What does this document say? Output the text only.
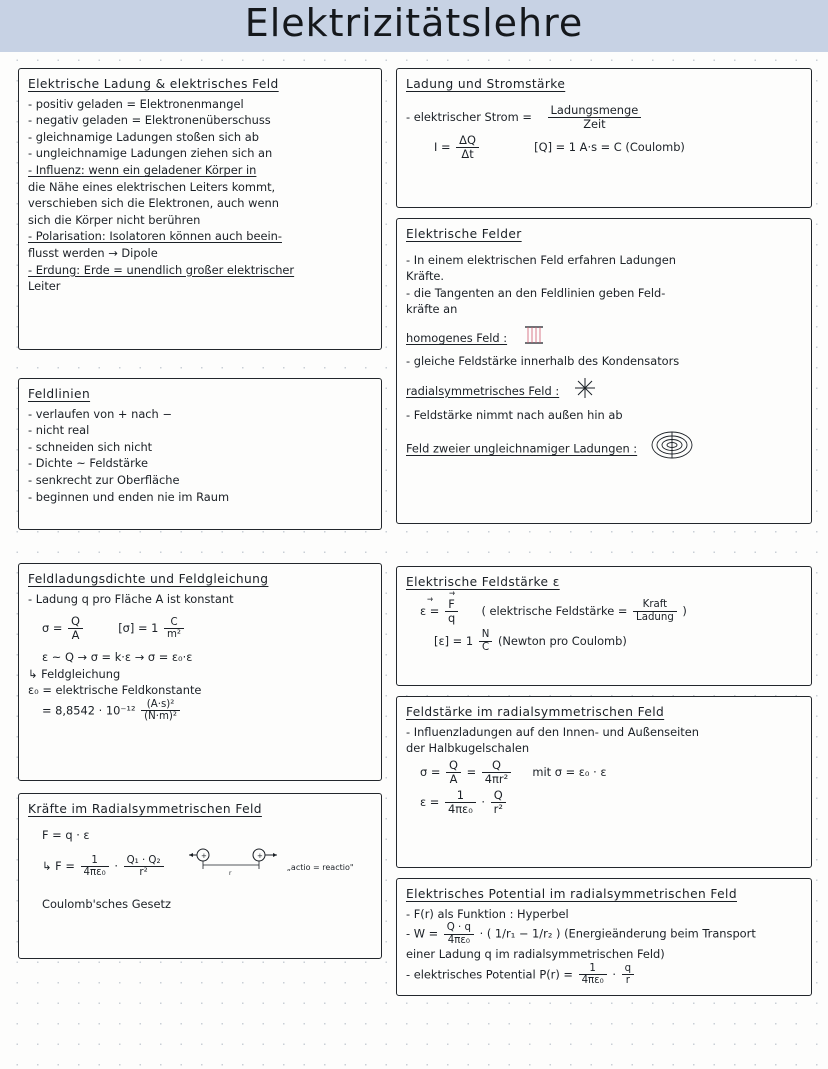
Elektrizitätslehre
Elektrische Ladung & elektrisches Feld
- positiv geladen = Elektronenmangel
- negativ geladen = Elektronenüberschuss
- gleichnamige Ladungen stoßen sich ab
- ungleichnamige Ladungen ziehen sich an
- Influenz: wenn ein geladener Körper in
die Nähe eines elektrischen Leiters kommt,
verschieben sich die Elektronen, auch wenn
sich die Körper nicht berühren
- Polarisation: Isolatoren können auch beein-
flusst werden → Dipole
- Erdung: Erde = unendlich großer elektrischer
Leiter
Feldlinien
- verlaufen von + nach −
- nicht real
- schneiden sich nicht
- Dichte ~ Feldstärke
- senkrecht zur Oberfläche
- beginnen und enden nie im Raum
Feldladungsdichte und Feldgleichung
- Ladung q pro Fläche A ist konstant
$\sigma = \frac{Q}{A}$	$[\sigma] = 1 \frac{C}{\text{m²}}$
ε ~ Q → σ = k·ε → σ = ε₀·ε
↳ Feldgleichung
ε₀ = elektrische Feldkonstante
= $8,8542 \cdot 10^{-12} \frac{\text{(A·s)²}}{\text{(N·m)²}}$
Kräfte im Radialsymmetrischen Feld
F = q · ε
↳ $F = \frac{1}{\text{4πε₀}} \cdot \frac{\text{Q₁ · Q₂}}{\text{r²}}$
	+	+
r
„actio = reactio"
Coulomb'sches Gesetz
Ladung und Stromstärke
- elektrischer Strom = $\frac{\text{Ladungsmenge}}{\text{Zeit}}$
$I = \frac{\Delta Q}{\Delta t}$	[Q] = 1 A·s = C (Coulomb)
Elektrische Felder
- In einem elektrischen Feld erfahren Ladungen
Kräfte.
- die Tangenten an den Feldlinien geben Feld-
kräfte an
homogenes Feld :
- gleiche Feldstärke innerhalb des Kondensators
radialsymmetrisches Feld :
- Feldstärke nimmt nach außen hin ab
Feld zweier ungleichnamiger Ladungen :
Elektrische Feldstärke ε
ε = → $\frac{F \to}{q}$ ( elektrische Feldstärke = $\frac{\text{Kraft}}{\text{Ladung}}$ )
$[\varepsilon] = 1 \frac{N}{C}$ (Newton pro Coulomb)
Feldstärke im radialsymmetrischen Feld
- Influenzladungen auf den Innen- und Außenseiten
der Halbkugelschalen
$\sigma = \frac{Q}{A} = \frac{Q}{\text{4πr²}}$ mit σ = ε₀ · ε
$\varepsilon = \frac{1}{\text{4πε₀}} \cdot \frac{Q}{\text{r²}}$
Elektrisches Potential im radialsymmetrischen Feld
- F(r) als Funktion : Hyperbel
- $W = \frac{Q \cdot q}{\text{4πε₀}}$ · ( 1/r₁ − 1/r₂ ) (Energieänderung beim Transport
einer Ladung q im radialsymmetrischen Feld)
- elektrisches Potential $P(r) = \frac{1}{\text{4πε₀}} \cdot \frac{q}{r}$
